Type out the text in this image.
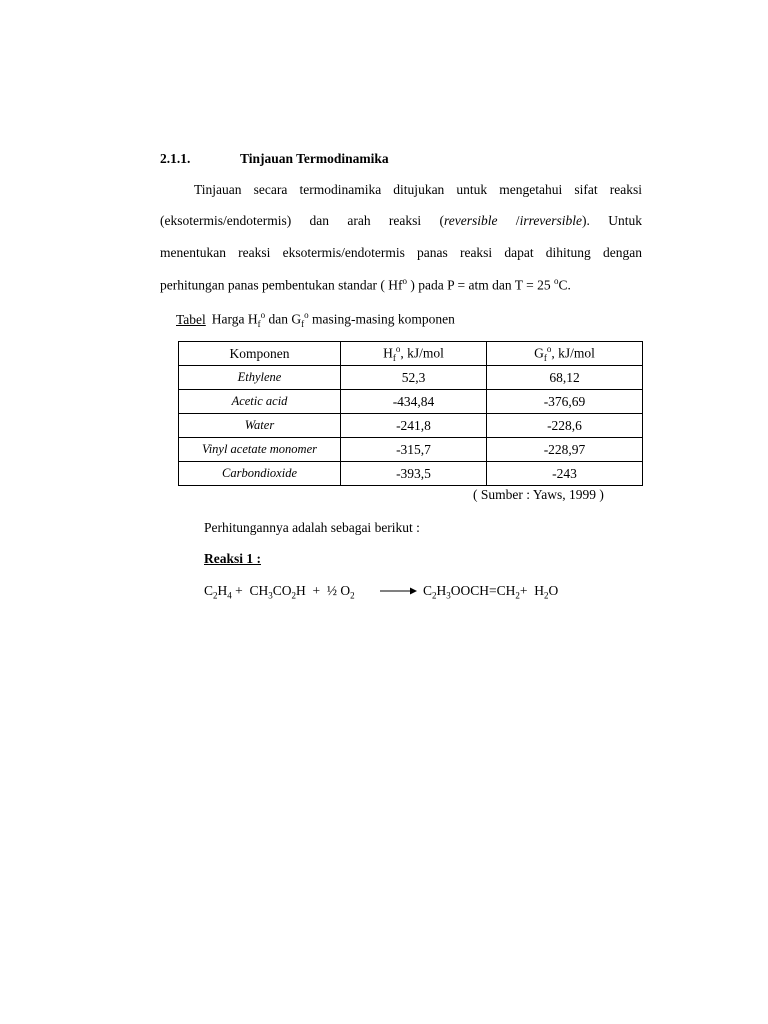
2.1.1.	Tinjauan Termodinamika
Tinjauan secara termodinamika ditujukan untuk mengetahui sifat reaksi
(eksotermis/endotermis) dan arah reaksi (reversible /irreversible). Untuk
menentukan reaksi eksotermis/endotermis panas reaksi dapat dihitung dengan
perhitungan panas pembentukan standar ( Hf$^o$ ) pada P = atm dan T = 25 $^o$C.
Tabel Harga $H_f^o$ dan $G_f^o$ masing-masing komponen
Komponen	$H_f^o$, kJ/mol	$G_f^o$, kJ/mol
Ethylene	52,3	68,12
Acetic acid	-434,84	-376,69
Water	-241,8	-228,6
Vinyl acetate monomer	-315,7	-228,97
Carbondioxide	-393,5	-243
( Sumber : Yaws, 1999 )
Perhitungannya adalah sebagai berikut :
Reaksi 1 :
$C_2H_4 + CH_3CO_2H$  +  ½ $O_2$ → $C_2H_3OOCH=CH_2+ H_2O$
